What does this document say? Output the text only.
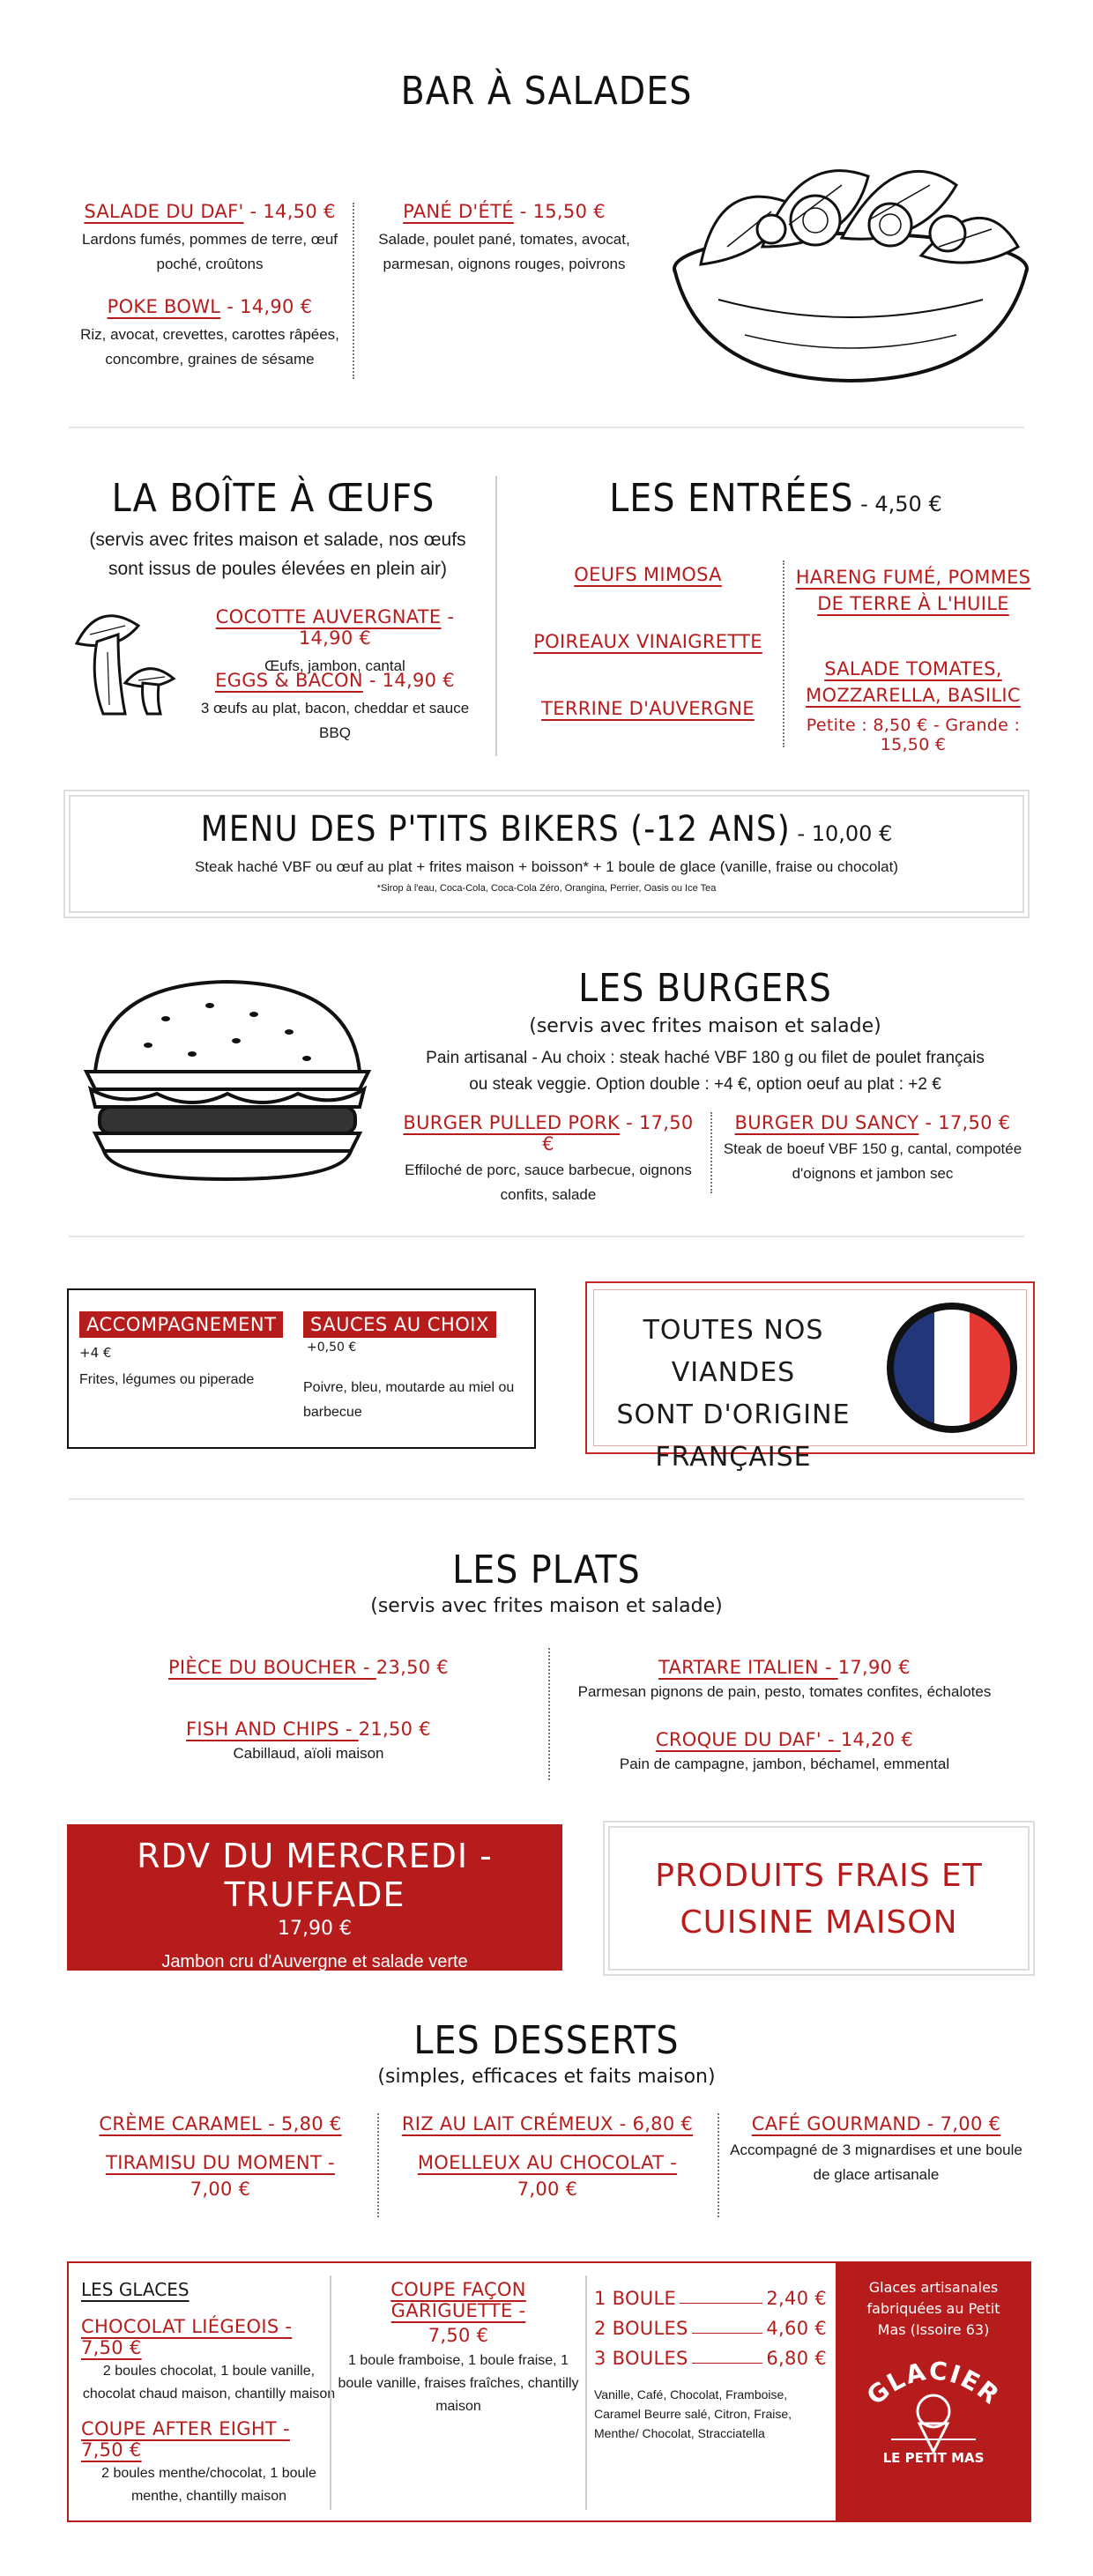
BAR À SALADES
SALADE DU DAF' - 14,50 €
Lardons fumés, pommes de terre, œuf poché, croûtons
POKE BOWL - 14,90 €
Riz, avocat, crevettes, carottes râpées, concombre, graines de sésame
PANÉ D'ÉTÉ - 15,50 €
Salade, poulet pané, tomates, avocat, parmesan, oignons rouges, poivrons
LA BOÎTE À ŒUFS
(servis avec frites maison et salade, nos œufs sont issus de poules élevées en plein air)
COCOTTE AUVERGNATE - 14,90 €
Œufs, jambon, cantal
EGGS & BACON - 14,90 €
3 œufs au plat, bacon, cheddar et sauce BBQ
LES ENTRÉES - 4,50 €
OEUFS MIMOSA
POIREAUX VINAIGRETTE
TERRINE D'AUVERGNE
HARENG FUMÉ, POMMES DE TERRE À L'HUILE
SALADE TOMATES, MOZZARELLA, BASILIC
Petite : 8,50 € - Grande : 15,50 €
MENU DES P'TITS BIKERS (-12 ANS) - 10,00 €
Steak haché VBF ou œuf au plat + frites maison + boisson* + 1 boule de glace (vanille, fraise ou chocolat)
*Sirop à l'eau, Coca-Cola, Coca-Cola Zéro, Orangina, Perrier, Oasis ou Ice Tea
LES BURGERS
(servis avec frites maison et salade)
Pain artisanal - Au choix : steak haché VBF 180 g ou filet de poulet français
ou steak veggie. Option double : +4 €, option oeuf au plat : +2 €
BURGER PULLED PORK - 17,50 €
Effiloché de porc, sauce barbecue, oignons confits, salade
BURGER DU SANCY - 17,50 €
Steak de boeuf VBF 150 g, cantal, compotée d'oignons et jambon sec
ACCOMPAGNEMENT
+4 €
Frites, légumes ou piperade
SAUCES AU CHOIX +0,50 €
Poivre, bleu, moutarde au miel ou barbecue
TOUTES NOS VIANDES
SONT D'ORIGINE
FRANÇAISE
LES PLATS
(servis avec frites maison et salade)
PIÈCE DU BOUCHER - 23,50 €
FISH AND CHIPS - 21,50 €
Cabillaud, aïoli maison
TARTARE ITALIEN - 17,90 €
Parmesan pignons de pain, pesto, tomates confites, échalotes
CROQUE DU DAF' - 14,20 €
Pain de campagne, jambon, béchamel, emmental
RDV DU MERCREDI - TRUFFADE
17,90 €
Jambon cru d'Auvergne et salade verte
PRODUITS FRAIS ET
CUISINE MAISON
LES DESSERTS
(simples, efficaces et faits maison)
CRÈME CARAMEL - 5,80 €
TIRAMISU DU MOMENT -
7,00 €
RIZ AU LAIT CRÉMEUX - 6,80 €
MOELLEUX AU CHOCOLAT -
7,00 €
CAFÉ GOURMAND - 7,00 €
Accompagné de 3 mignardises et une boule de glace artisanale
LES GLACES
CHOCOLAT LIÉGEOIS - 7,50 €
2 boules chocolat, 1 boule vanille, chocolat chaud maison, chantilly maison
COUPE AFTER EIGHT - 7,50 €
2 boules menthe/chocolat, 1 boule menthe, chantilly maison
COUPE FAÇON GARIGUETTE -
7,50 €
1 boule framboise, 1 boule fraise, 1 boule vanille, fraises fraîches, chantilly maison
1 BOULE	2,40 €
2 BOULES	4,60 €
3 BOULES	6,80 €
Vanille, Café, Chocolat, Framboise, Caramel Beurre salé, Citron, Fraise, Menthe/ Chocolat, Stracciatella
Glaces artisanales fabriquées au Petit Mas (Issoire 63)
GLACIER
LE PETIT MAS
